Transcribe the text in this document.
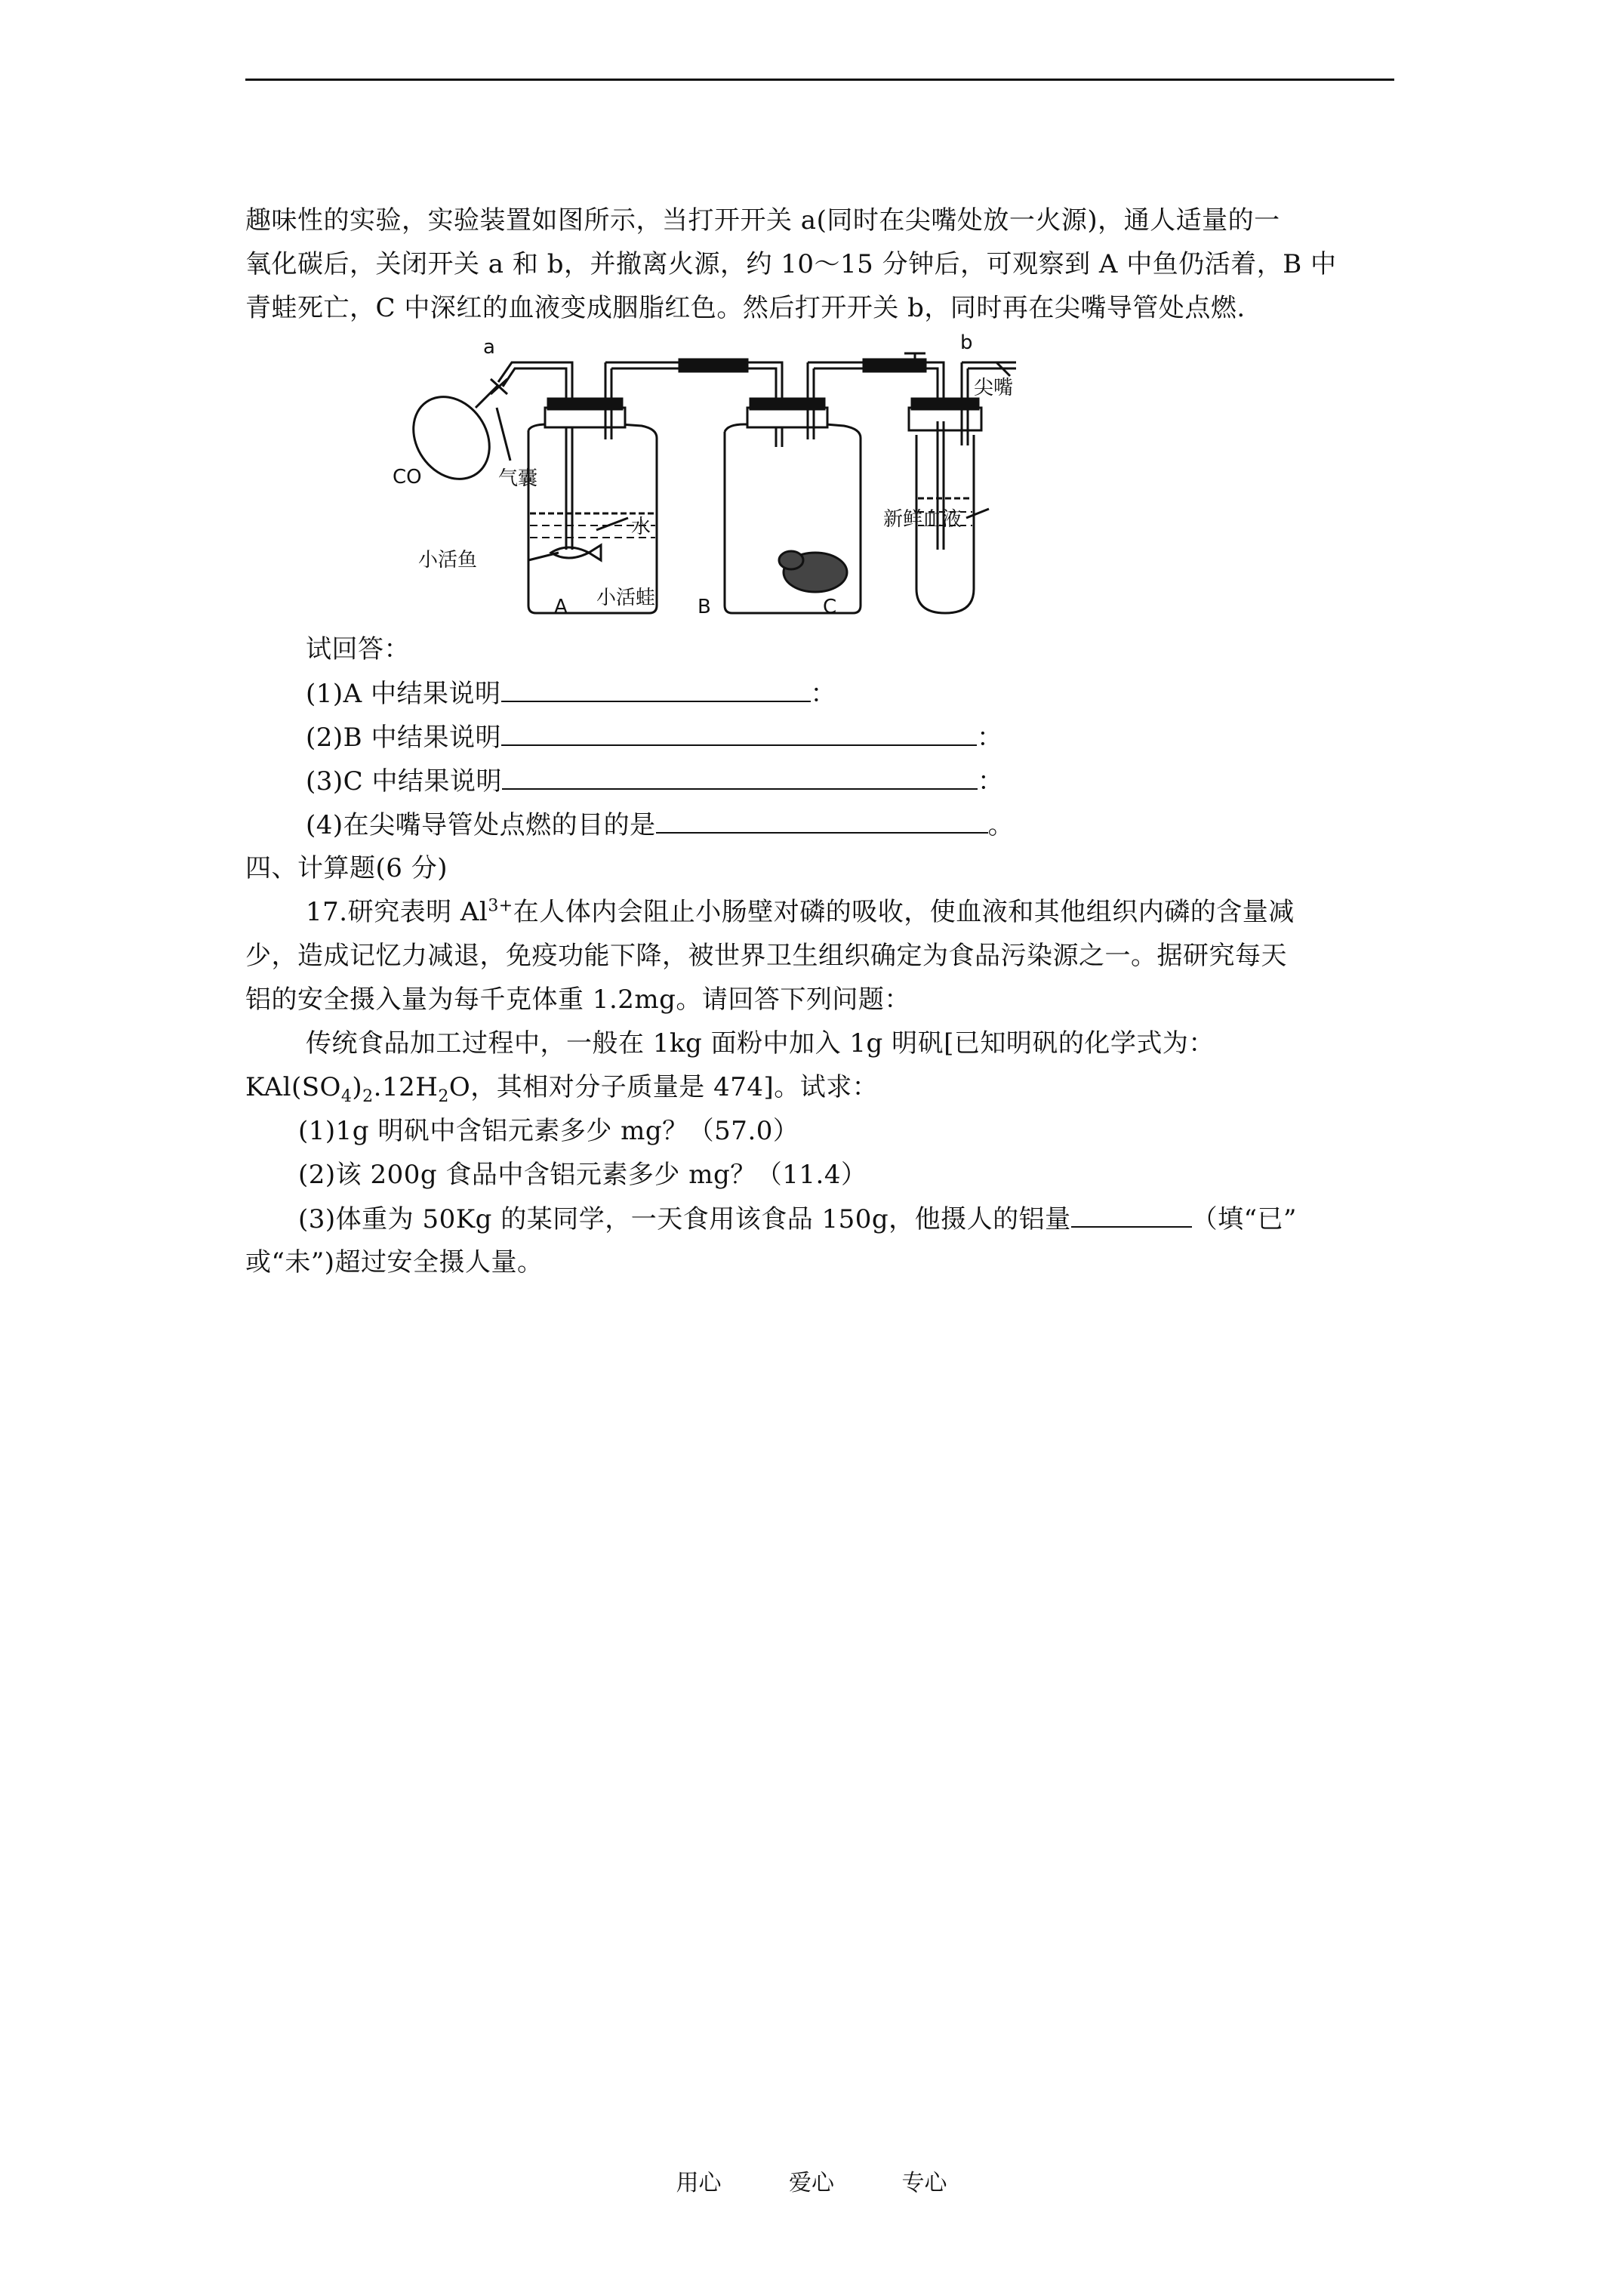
趣味性的实验，实验装置如图所示，当打开开关 a(同时在尖嘴处放一火源)，通人适量的一
氧化碳后，关闭开关 a 和 b，并撤离火源，约 10～15 分钟后，可观察到 A 中鱼仍活着，B 中
青蛙死亡，C 中深红的血液变成胭脂红色。然后打开开关 b，同时再在尖嘴导管处点燃.
a	b
CO	气囊
尖嘴
水
小活鱼
小活蛙
新鲜血液
A	B	C
试回答：
(1)A 中结果说明	：
(2)B 中结果说明	：
(3)C 中结果说明	：
(4)在尖嘴导管处点燃的目的是	。
四、计算题(6 分)
17.研究表明 $Al^{3+}$在人体内会阻止小肠壁对磷的吸收，使血液和其他组织内磷的含量减
少，造成记忆力减退，免疫功能下降，被世界卫生组织确定为食品污染源之一。据研究每天
铝的安全摄入量为每千克体重 1.2mg。请回答下列问题：
传统食品加工过程中，一般在 1kg 面粉中加入 1g 明矾[已知明矾的化学式为：
$KAl(SO_4)_2.12H_2O$，其相对分子质量是 474]。试求：
(1)1g 明矾中含铝元素多少 mg？（57.0）
(2)该 200g 食品中含铝元素多少 mg？（11.4）
(3)体重为 50Kg 的某同学，一天食用该食品 150g，他摄人的铝量	（填“已”
或“未”)超过安全摄人量。
用心	爱心	专心
